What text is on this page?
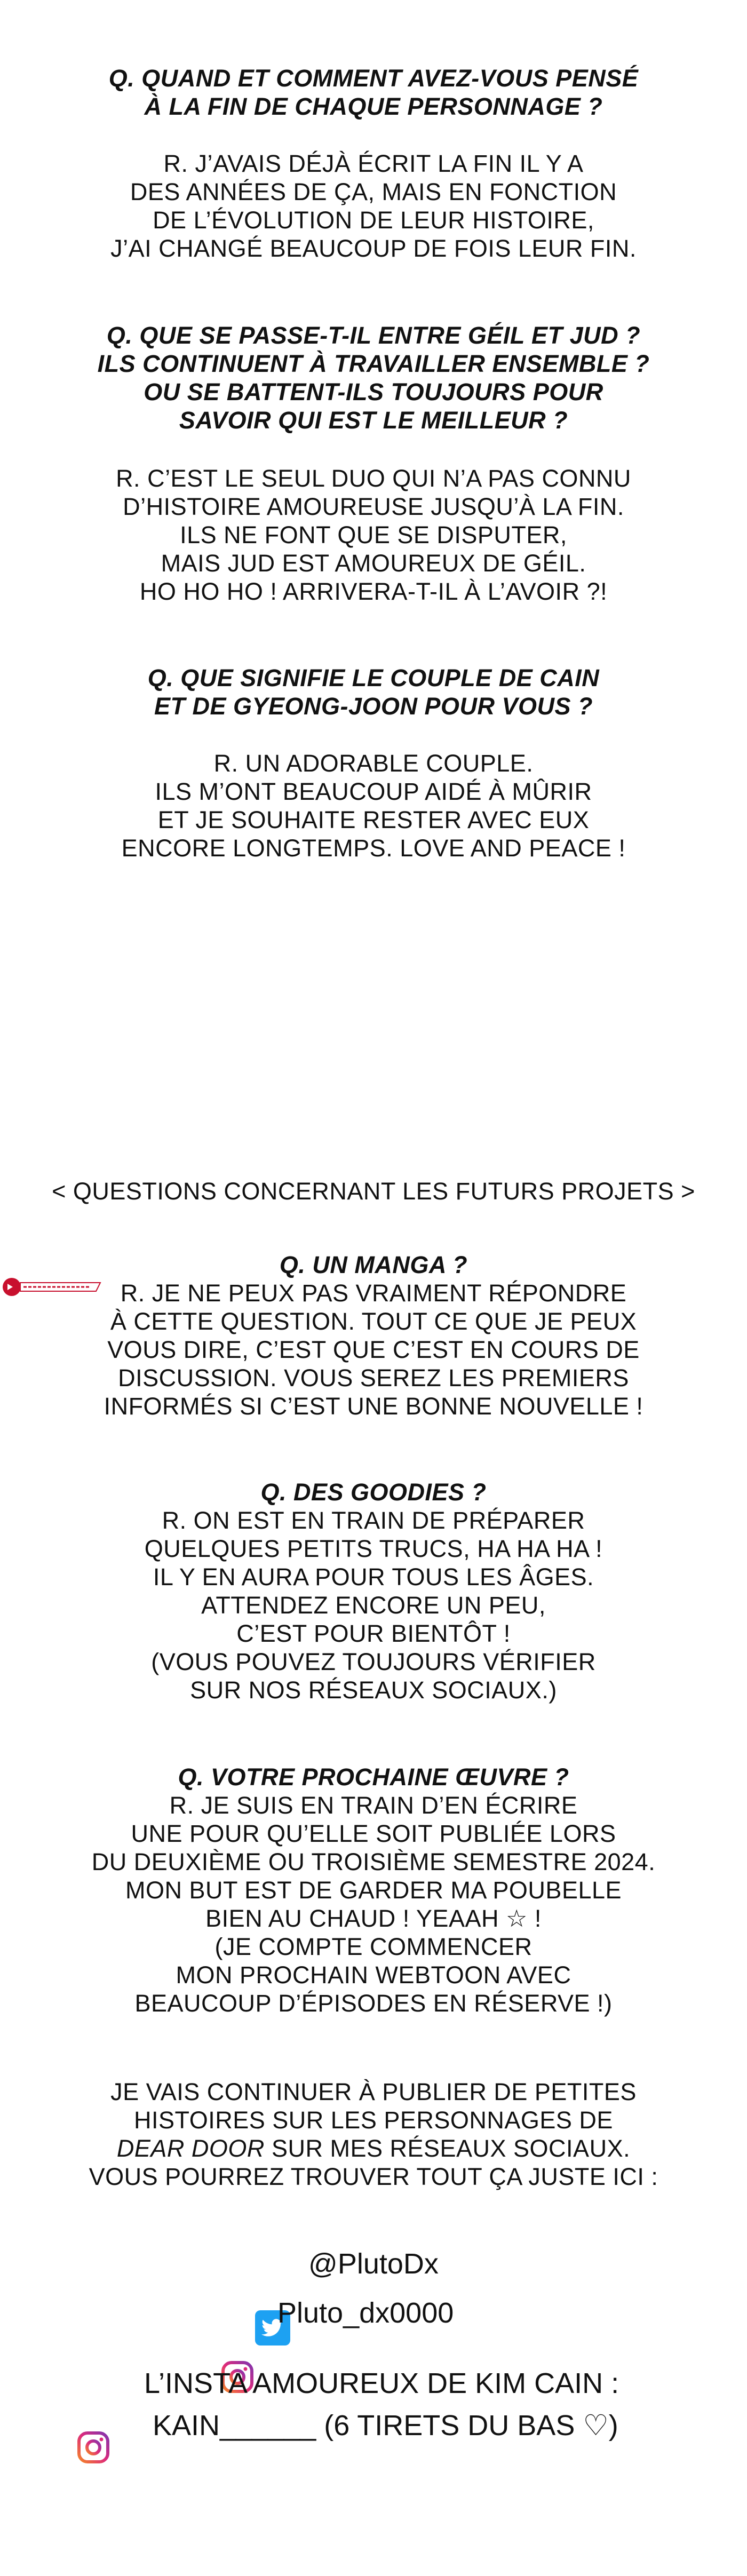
Q. QUAND ET COMMENT AVEZ-VOUS PENSÉ
À LA FIN DE CHAQUE PERSONNAGE ?
R. J’AVAIS DÉJÀ ÉCRIT LA FIN IL Y A
DES ANNÉES DE ÇA, MAIS EN FONCTION
DE L’ÉVOLUTION DE LEUR HISTOIRE,
J’AI CHANGÉ BEAUCOUP DE FOIS LEUR FIN.
Q. QUE SE PASSE-T-IL ENTRE GÉIL ET JUD ?
ILS CONTINUENT À TRAVAILLER ENSEMBLE ?
OU SE BATTENT-ILS TOUJOURS POUR
SAVOIR QUI EST LE MEILLEUR ?
R. C’EST LE SEUL DUO QUI N’A PAS CONNU
D’HISTOIRE AMOUREUSE JUSQU’À LA FIN.
ILS NE FONT QUE SE DISPUTER,
MAIS JUD EST AMOUREUX DE GÉIL.
HO HO HO ! ARRIVERA-T-IL À L’AVOIR ?!
Q. QUE SIGNIFIE LE COUPLE DE CAIN
ET DE GYEONG-JOON POUR VOUS ?
R. UN ADORABLE COUPLE.
ILS M’ONT BEAUCOUP AIDÉ À MÛRIR
ET JE SOUHAITE RESTER AVEC EUX
ENCORE LONGTEMPS. LOVE AND PEACE !
< QUESTIONS CONCERNANT LES FUTURS PROJETS >
Q. UN MANGA ?
R. JE NE PEUX PAS VRAIMENT RÉPONDRE
À CETTE QUESTION. TOUT CE QUE JE PEUX
VOUS DIRE, C’EST QUE C’EST EN COURS DE
DISCUSSION. VOUS SEREZ LES PREMIERS
INFORMÉS SI C’EST UNE BONNE NOUVELLE !
Q. DES GOODIES ?
R. ON EST EN TRAIN DE PRÉPARER
QUELQUES PETITS TRUCS, HA HA HA !
IL Y EN AURA POUR TOUS LES ÂGES.
ATTENDEZ ENCORE UN PEU,
C’EST POUR BIENTÔT !
(VOUS POUVEZ TOUJOURS VÉRIFIER
SUR NOS RÉSEAUX SOCIAUX.)
Q. VOTRE PROCHAINE ŒUVRE ?
R. JE SUIS EN TRAIN D’EN ÉCRIRE
UNE POUR QU’ELLE SOIT PUBLIÉE LORS
DU DEUXIÈME OU TROISIÈME SEMESTRE 2024.
MON BUT EST DE GARDER MA POUBELLE
BIEN AU CHAUD ! YEAAH ☆ !
(JE COMPTE COMMENCER
MON PROCHAIN WEBTOON AVEC
BEAUCOUP D’ÉPISODES EN RÉSERVE !)
JE VAIS CONTINUER À PUBLIER DE PETITES
HISTOIRES SUR LES PERSONNAGES DE
DEAR DOOR SUR MES RÉSEAUX SOCIAUX.
VOUS POURREZ TROUVER TOUT ÇA JUSTE ICI :

@PlutoDx

Pluto_dx0000

L’INSTA AMOUREUX DE KIM CAIN :
KAIN______ (6 TIRETS DU BAS ♡)
